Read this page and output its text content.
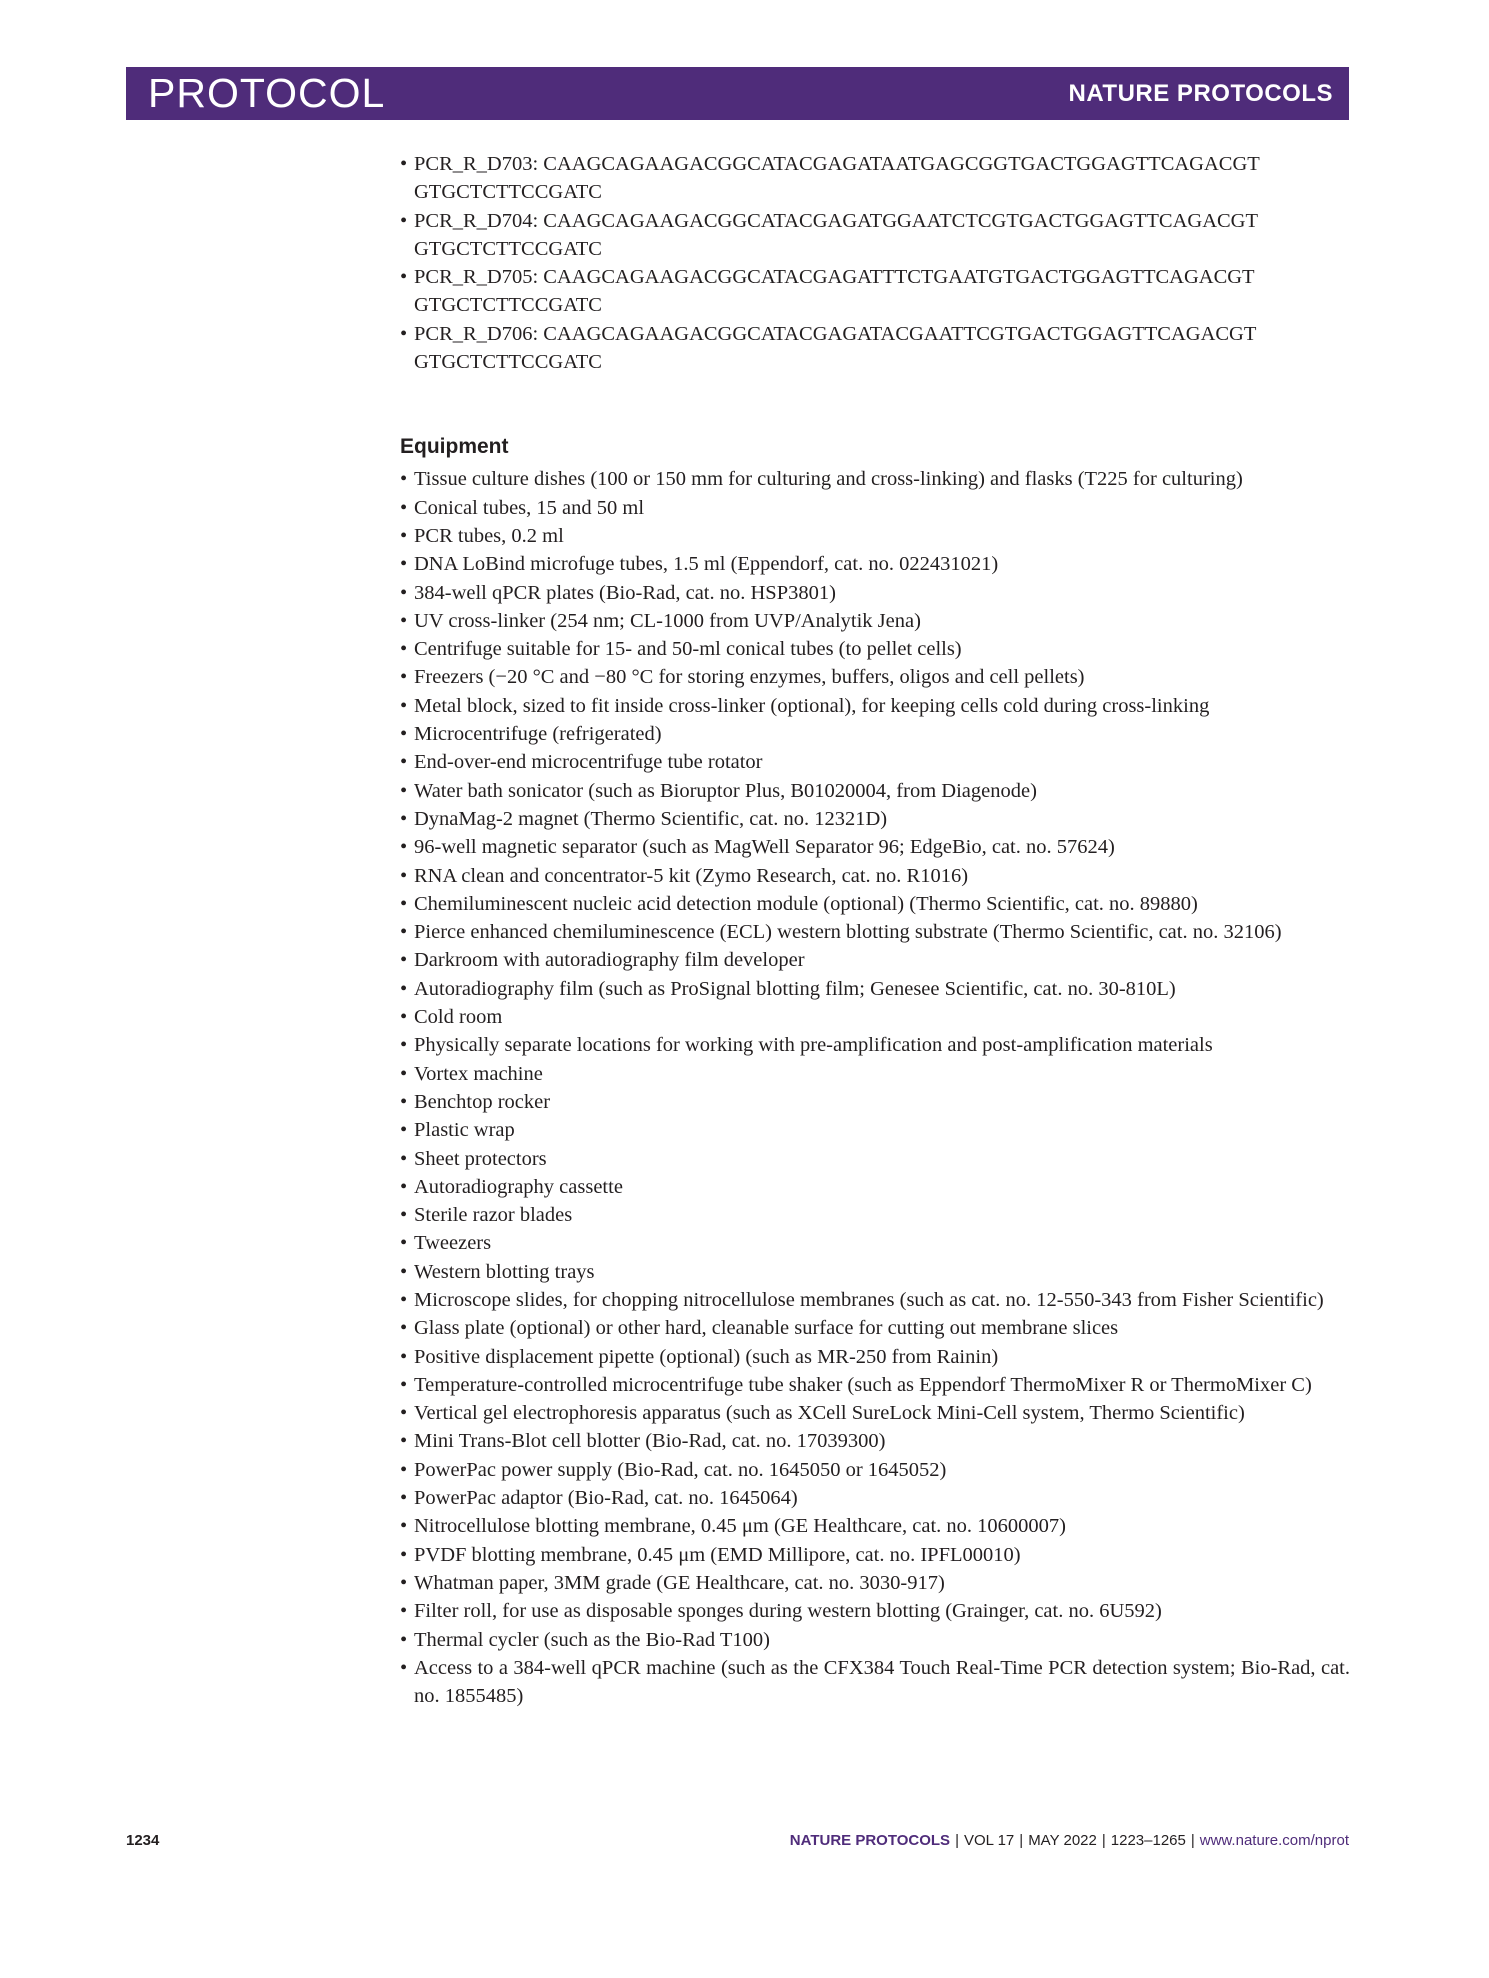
PROTOCOL	NATURE PROTOCOLS
• PCR_R_D703: CAAGCAGAAGACGGCATACGAGATAATGAGCGGTGACTGGAGTTCAGACGT
GTGCTCTTCCGATC
• PCR_R_D704: CAAGCAGAAGACGGCATACGAGATGGAATCTCGTGACTGGAGTTCAGACGT
GTGCTCTTCCGATC
• PCR_R_D705: CAAGCAGAAGACGGCATACGAGATTTCTGAATGTGACTGGAGTTCAGACGT
GTGCTCTTCCGATC
• PCR_R_D706: CAAGCAGAAGACGGCATACGAGATACGAATTCGTGACTGGAGTTCAGACGT
GTGCTCTTCCGATC
Equipment
• Tissue culture dishes (100 or 150 mm for culturing and cross-linking) and flasks (T225 for culturing)
• Conical tubes, 15 and 50 ml
• PCR tubes, 0.2 ml
• DNA LoBind microfuge tubes, 1.5 ml (Eppendorf, cat. no. 022431021)
• 384-well qPCR plates (Bio-Rad, cat. no. HSP3801)
• UV cross-linker (254 nm; CL-1000 from UVP/Analytik Jena)
• Centrifuge suitable for 15- and 50-ml conical tubes (to pellet cells)
• Freezers (−20 °C and −80 °C for storing enzymes, buffers, oligos and cell pellets)
• Metal block, sized to fit inside cross-linker (optional), for keeping cells cold during cross-linking
• Microcentrifuge (refrigerated)
• End-over-end microcentrifuge tube rotator
• Water bath sonicator (such as Bioruptor Plus, B01020004, from Diagenode)
• DynaMag-2 magnet (Thermo Scientific, cat. no. 12321D)
• 96-well magnetic separator (such as MagWell Separator 96; EdgeBio, cat. no. 57624)
• RNA clean and concentrator-5 kit (Zymo Research, cat. no. R1016)
• Chemiluminescent nucleic acid detection module (optional) (Thermo Scientific, cat. no. 89880)
• Pierce enhanced chemiluminescence (ECL) western blotting substrate (Thermo Scientific, cat. no. 32106)
• Darkroom with autoradiography film developer
• Autoradiography film (such as ProSignal blotting film; Genesee Scientific, cat. no. 30-810L)
• Cold room
• Physically separate locations for working with pre-amplification and post-amplification materials
• Vortex machine
• Benchtop rocker
• Plastic wrap
• Sheet protectors
• Autoradiography cassette
• Sterile razor blades
• Tweezers
• Western blotting trays
• Microscope slides, for chopping nitrocellulose membranes (such as cat. no. 12-550-343 from Fisher Scientific)
• Glass plate (optional) or other hard, cleanable surface for cutting out membrane slices
• Positive displacement pipette (optional) (such as MR-250 from Rainin)
• Temperature-controlled microcentrifuge tube shaker (such as Eppendorf ThermoMixer R or ThermoMixer C)
• Vertical gel electrophoresis apparatus (such as XCell SureLock Mini-Cell system, Thermo Scientific)
• Mini Trans-Blot cell blotter (Bio-Rad, cat. no. 17039300)
• PowerPac power supply (Bio-Rad, cat. no. 1645050 or 1645052)
• PowerPac adaptor (Bio-Rad, cat. no. 1645064)
• Nitrocellulose blotting membrane, 0.45 μm (GE Healthcare, cat. no. 10600007)
• PVDF blotting membrane, 0.45 μm (EMD Millipore, cat. no. IPFL00010)
• Whatman paper, 3MM grade (GE Healthcare, cat. no. 3030-917)
• Filter roll, for use as disposable sponges during western blotting (Grainger, cat. no. 6U592)
• Thermal cycler (such as the Bio-Rad T100)
• Access to a 384-well qPCR machine (such as the CFX384 Touch Real-Time PCR detection system; Bio-Rad, cat. no. 1855485)
1234	NATURE PROTOCOLS | VOL 17 | MAY 2022 | 1223–1265 | www.nature.com/nprot
